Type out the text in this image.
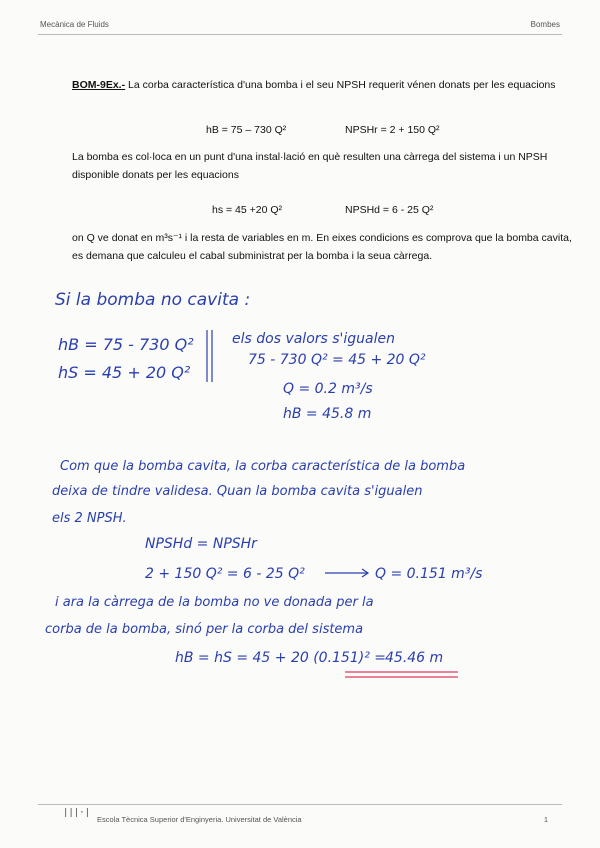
Mecànica de Fluids	Bombes
BOM-9Ex.- La corba característica d'una bomba i el seu NPSH requerit vénen donats per les equacions
hB = 75 – 730 Q²	NPSHr = 2 + 150 Q²
La bomba es col·loca en un punt d'una instal·lació en què resulten una càrrega del sistema i un NPSH disponible donats per les equacions
hs = 45 +20 Q²	NPSHd = 6 - 25 Q²
on Q ve donat en m³s⁻¹ i la resta de variables en m. En eixes condicions es comprova que la bomba cavita, es demana que calculeu el cabal subministrat per la bomba i la seua càrrega.
Si la bomba no cavita :
hB = 75 - 730 Q²
hS = 45 + 20 Q²
els dos valors s'igualen
75 - 730 Q² = 45 + 20 Q²
Q = 0.2 m³/s
hB = 45.8 m
Com que la bomba cavita, la corba característica de la bomba
deixa de tindre validesa. Quan la bomba cavita s'igualen
els 2 NPSH.
NPSHd = NPSHr
2 + 150 Q² = 6 - 25 Q²	Q = 0.151 m³/s
i ara la càrrega de la bomba no ve donada per la
corba de la bomba, sinó per la corba del sistema
hB = hS = 45 + 20 (0.151)² =
45.46 m
|||·|
Escola Tècnica Superior d'Enginyeria. Universitat de València	1
